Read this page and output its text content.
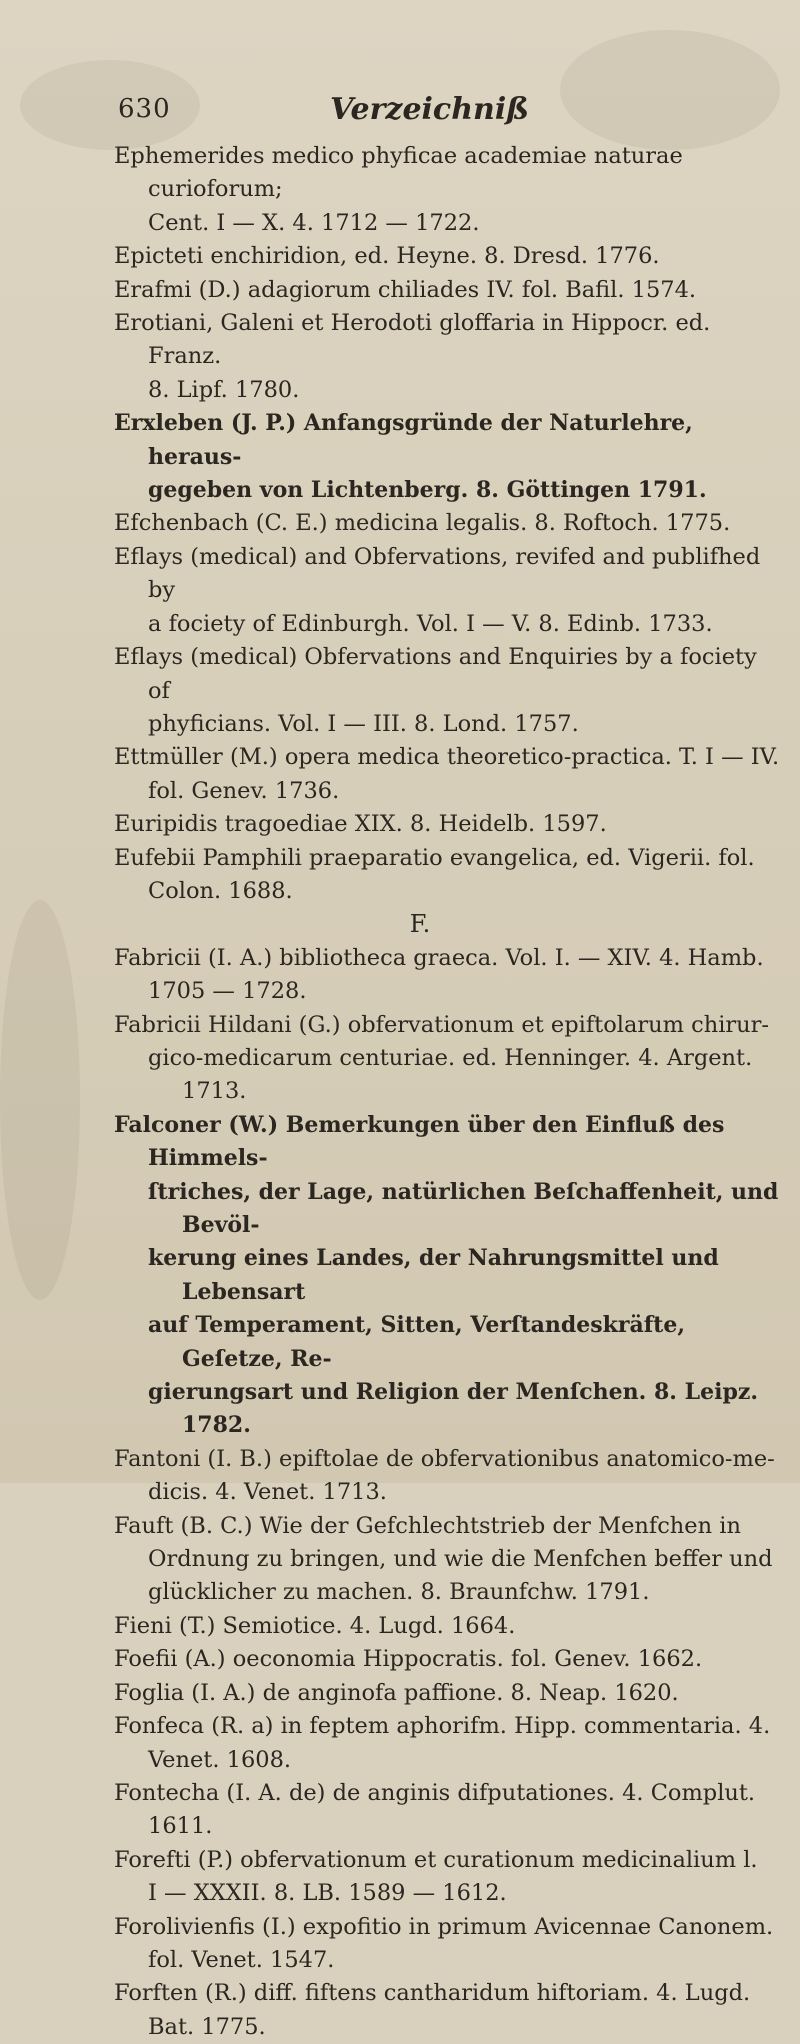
630	Verzeichniß
Ephemerides medico phyficae academiae naturae curioforum;
Cent. I — X. 4. 1712 — 1722.
Epicteti enchiridion, ed. Heyne. 8. Dresd. 1776.
Erafmi (D.) adagiorum chiliades IV. fol. Bafil. 1574.
Erotiani, Galeni et Herodoti gloffaria in Hippocr. ed. Franz.
8. Lipf. 1780.
Erxleben (J. P.) Anfangsgründe der Naturlehre, heraus-
gegeben von Lichtenberg. 8. Göttingen 1791.
Efchenbach (C. E.) medicina legalis. 8. Roftoch. 1775.
Eflays (medical) and Obfervations, revifed and publifhed by
a fociety of Edinburgh. Vol. I — V. 8. Edinb. 1733.
Eflays (medical) Obfervations and Enquiries by a fociety of
phyficians. Vol. I — III. 8. Lond. 1757.
Ettmüller (M.) opera medica theoretico-practica. T. I — IV.
fol. Genev. 1736.
Euripidis tragoediae XIX. 8. Heidelb. 1597.
Eufebii Pamphili praeparatio evangelica, ed. Vigerii. fol.
Colon. 1688.
F.
Fabricii (I. A.) bibliotheca graeca. Vol. I. — XIV. 4. Hamb.
1705 — 1728.
Fabricii Hildani (G.) obfervationum et epiftolarum chirur-
gico-medicarum centuriae. ed. Henninger. 4. Argent. 1713.
Falconer (W.) Bemerkungen über den Einfluß des Himmels-
ſtriches, der Lage, natürlichen Beſchaffenheit, und Bevöl-
kerung eines Landes, der Nahrungsmittel und Lebensart
auf Temperament, Sitten, Verſtandeskräfte, Geſetze, Re-
gierungsart und Religion der Menſchen. 8. Leipz. 1782.
Fantoni (I. B.) epiftolae de obfervationibus anatomico-me-
dicis. 4. Venet. 1713.
Fauft (B. C.) Wie der Gefchlechtstrieb der Menfchen in
Ordnung zu bringen, und wie die Menfchen beffer und
glücklicher zu machen. 8. Braunfchw. 1791.
Fieni (T.) Semiotice. 4. Lugd. 1664.
Foefii (A.) oeconomia Hippocratis. fol. Genev. 1662.
Foglia (I. A.) de anginofa paffione. 8. Neap. 1620.
Fonfeca (R. a) in feptem aphorifm. Hipp. commentaria. 4.
Venet. 1608.
Fontecha (I. A. de) de anginis difputationes. 4. Complut.
1611.
Forefti (P.) obfervationum et curationum medicinalium l.
I — XXXII. 8. LB. 1589 — 1612.
Forolivienfis (I.) expofitio in primum Avicennae Canonem.
fol. Venet. 1547.
Forften (R.) diff. fiftens cantharidum hiftoriam. 4. Lugd.
Bat. 1775.
